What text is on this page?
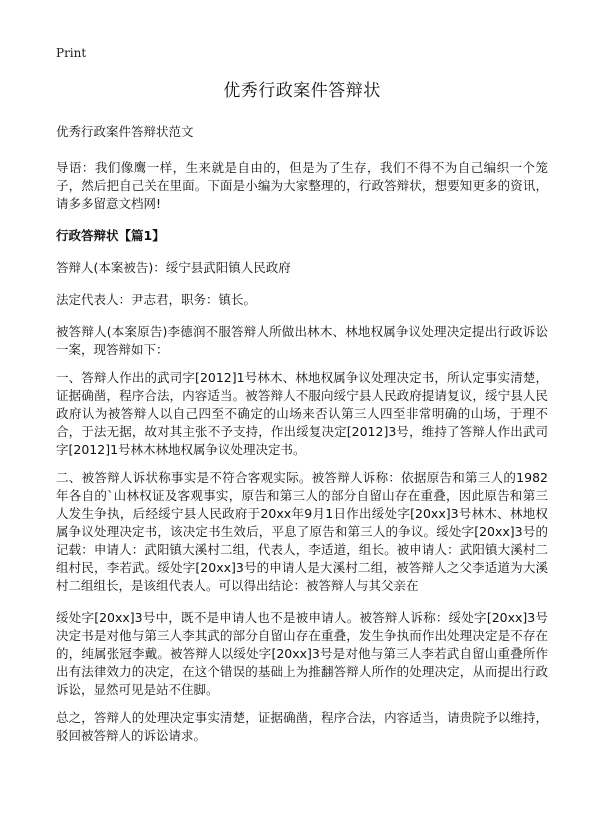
Print
优秀行政案件答辩状

优秀行政案件答辩状范文

导语：我们像鹰一样，生来就是自由的，但是为了生存，我们不得不为自己编织一个笼子，然后把自己关在里面。下面是小编为大家整理的，行政答辩状，想要知更多的资讯，请多多留意文档网!

行政答辩状【篇1】

答辩人(本案被告)：绥宁县武阳镇人民政府

法定代表人：尹志君，职务：镇长。

被答辩人(本案原告)李德润不服答辩人所做出林木、林地权属争议处理决定提出行政诉讼一案，现答辩如下：

一、答辩人作出的武司字[2012]1号林木、林地权属争议处理决定书，所认定事实清楚，证据确凿，程序合法，内容适当。被答辩人不服向绥宁县人民政府提请复议，绥宁县人民政府认为被答辩人以自己四至不确定的山场来否认第三人四至非常明确的山场，于理不合，于法无据，故对其主张不予支持，作出绥复决定[2012]3号，维持了答辩人作出武司字[2012]1号林木林地权属争议处理决定书。

二、被答辩人诉状称事实是不符合客观实际。被答辩人诉称：依据原告和第三人的1982年各自的`山林权证及客观事实，原告和第三人的部分自留山存在重叠，因此原告和第三人发生争执，后经绥宁县人民政府于20xx年9月1日作出绥处字[20xx]3号林木、林地权属争议处理决定书，该决定书生效后，平息了原告和第三人的争议。绥处字[20xx]3号的记载：申请人：武阳镇大溪村二组，代表人，李适道，组长。被申请人：武阳镇大溪村二组村民，李若武。绥处字[20xx]3号的申请人是大溪村二组，被答辩人之父李适道为大溪村二组组长，是该组代表人。可以得出结论：被答辩人与其父亲在

绥处字[20xx]3号中，既不是申请人也不是被申请人。被答辩人诉称：绥处字[20xx]3号决定书是对他与第三人李其武的部分自留山存在重叠，发生争执而作出处理决定是不存在的，纯属张冠李戴。被答辩人以绥处字[20xx]3号是对他与第三人李若武自留山重叠所作出有法律效力的决定，在这个错误的基础上为推翻答辩人所作的处理决定，从而提出行政诉讼，显然可见是站不住脚。

总之，答辩人的处理决定事实清楚，证据确凿，程序合法，内容适当，请贵院予以维持，驳回被答辩人的诉讼请求。
